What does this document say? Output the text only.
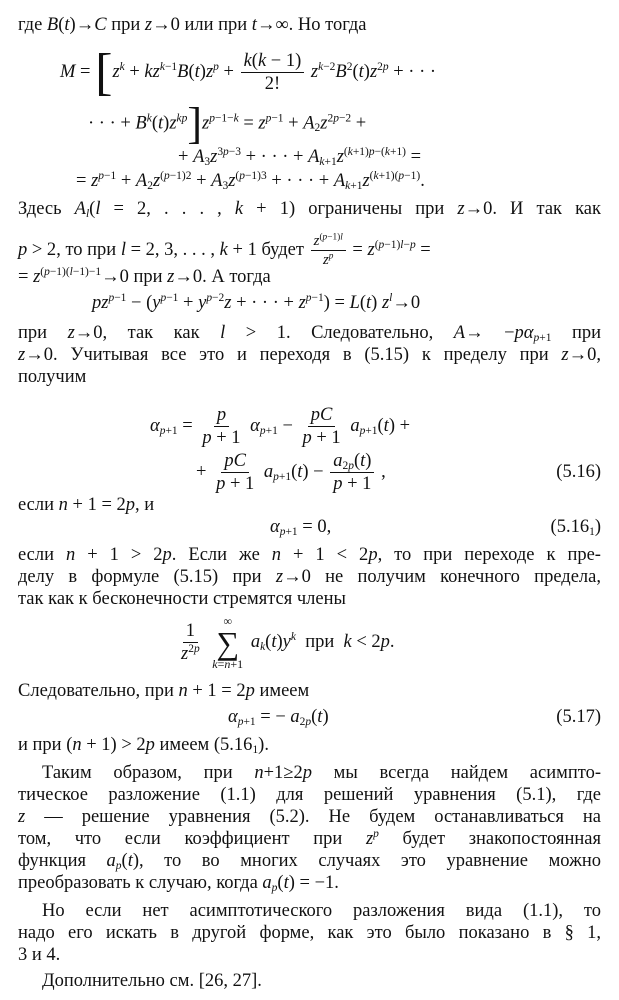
где B(t)→C при z→0 или при t→∞. Но тогда
$M = [z^k + kz^{k-1}B(t)z^p + \frac{k(k - 1)}{2!} z^{k-2}B^2(t)z^{2p}$ + · · ·
· · · + $B^k(t)z^{kp}]z^{p-1-k} = z^{p-1} + A_2z^{2p-2}$ +
+ $A_3z^{3p-3}$ + · · · + $A_{k+1}z^{(k+1)p-(k+1)}$ =
= $z^{p-1} + A_2z^{(p-1)2} + A_3z^{(p-1)3}$ + · · · + $A_{k+1}z^{(k+1)(p-1)}$.
Здесь $A_l(l = 2$, . . . , k + 1) ограничены при z→0. И так как
p > 2, то при l = 2, 3, . . . , k + 1 будет $\frac{z^{(p-1)l}}{z^p} = z^{(p-1)l-p}$ =
= $z^{(p-1)(l-1)-1}\to 0$ при z→0. А тогда
$pz^{p-1} - (y^{p-1} + y^{p-2}z$ + · · · + $z^{p-1}) = L(t)$ $z^l\to 0$
при z→0, так как l > 1. Следовательно, $A\to -p\alpha_{p+1}$ при
z→0. Учитывая все это и переходя в (5.15) к пределу при z→0,
получим
$\alpha_{p+1} = \frac{p}{p + 1} \alpha_{p+1} - \frac{pC}{p + 1} a_{p+1}(t)$ +
+ $\frac{pC}{p + 1} a_{p+1}(t) - \frac{a_{2p}(t)}{p + 1}$ ,	(5.16)
если n + 1 = 2p, и
$\alpha_{p+1} = 0$,	$(5.16_1)$
если n + 1 > 2p. Если же n + 1 < 2p, то при переходе к пре-
делу в формуле (5.15) при z→0 не получим конечного предела,
так как к бесконечности стремятся члены
$\frac{1}{z^{2p}}$

∞
∑
k=n+1
$a_k(t)y^k$ при k < 2p.
Следовательно, при n + 1 = 2p имеем
$\alpha_{p+1}$ = − $a_{2p}(t)$	(5.17)
и при (n + 1) > 2p имеем $(5.16_1)$.
Таким образом, при n+1≥2p мы всегда найдем асимпто-
тическое разложение (1.1) для решений уравнения (5.1), где
z — решение уравнения (5.2). Не будем останавливаться на
том, что если коэффициент при $z^p$ будет знакопостоянная
функция $a_p(t)$, то во многих случаях это уравнение можно
преобразовать к случаю, когда $a_p(t) = -1$.
Но если нет асимптотического разложения вида (1.1), то
надо его искать в другой форме, как это было показано в § 1,
3 и 4.
Дополнительно см. [26, 27].
